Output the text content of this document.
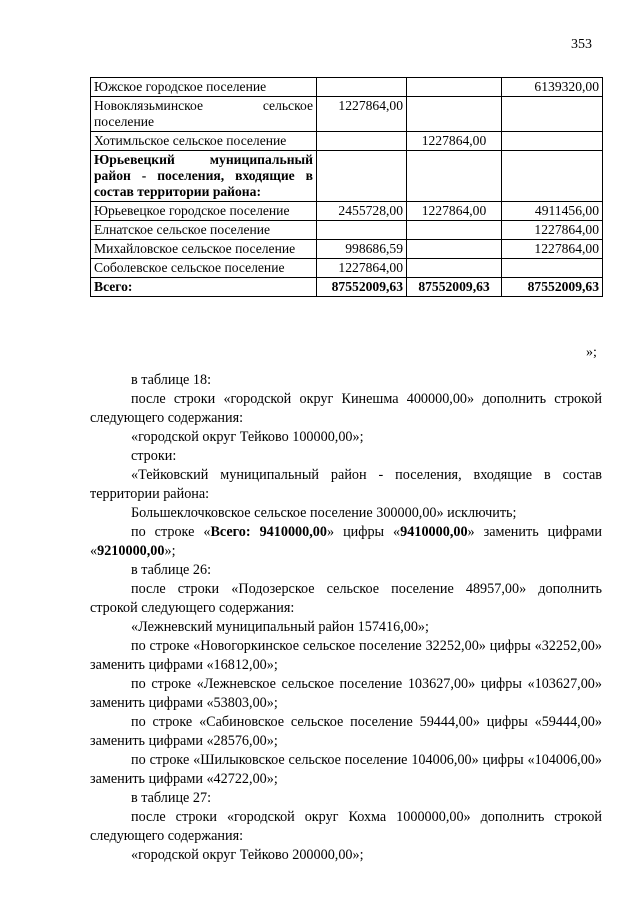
353
Южское городское поселение			6139320,00
Новоклязьминское сельское поселение	1227864,00		
Хотимльское сельское поселение		1227864,00	
Юрьевецкий муниципальный район - поселения, входящие в состав территории района:			
Юрьевецкое городское поселение	2455728,00	1227864,00	4911456,00
Елнатское сельское поселение			1227864,00
Михайловское сельское поселение	998686,59		1227864,00
Соболевское сельское поселение	1227864,00		
Всего:	87552009,63	87552009,63	87552009,63
»;
в таблице 18:
после строки «городской округ Кинешма 400000,00» дополнить строкой следующего содержания:
«городской округ Тейково 100000,00»;
строки:
«Тейковский муниципальный район - поселения, входящие в состав территории района:
Большеклочковское сельское поселение 300000,00» исключить;
по строке «Всего: 9410000,00» цифры «9410000,00» заменить цифрами «9210000,00»;
в таблице 26:
после строки «Подозерское сельское поселение 48957,00» дополнить строкой следующего содержания:
«Лежневский муниципальный район 157416,00»;
по строке «Новогоркинское сельское поселение 32252,00» цифры «32252,00» заменить цифрами «16812,00»;
по строке «Лежневское сельское поселение 103627,00» цифры «103627,00» заменить цифрами «53803,00»;
по строке «Сабиновское сельское поселение 59444,00» цифры «59444,00» заменить цифрами «28576,00»;
по строке «Шилыковское сельское поселение 104006,00» цифры «104006,00» заменить цифрами «42722,00»;
в таблице 27:
после строки «городской округ Кохма 1000000,00» дополнить строкой следующего содержания:
«городской округ Тейково 200000,00»;
